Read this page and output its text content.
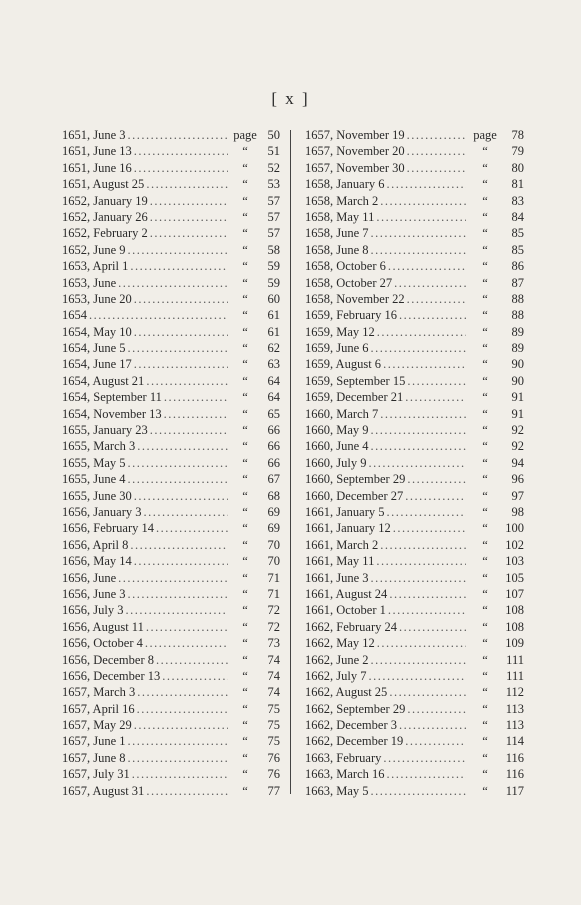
[ x ]
1651, June 3 .....	page 50
1651, June 13 .....	“	51
1651, June 16 .....	“	52
1651, August 25 .....	“	53
1652, January 19 .....	“	57
1652, January 26 .....	“	57
1652, February 2 .....	“	57
1652, June 9 .....	“	58
1653, April 1 .....	“	59
1653, June .....	“	59
1653, June 20 .....	“	60
1654 .....	“	61
1654, May 10 .....	“	61
1654, June 5 .....	“	62
1654, June 17 .....	“	63
1654, August 21 .....	“	64
1654, September 11 .....	“	64
1654, November 13 .....	“	65
1655, January 23 .....	“	66
1655, March 3 .....	“	66
1655, May 5 .....	“	66
1655, June 4 .....	“	67
1655, June 30 .....	“	68
1656, January 3 .....	“	69
1656, February 14 .....	“	69
1656, April 8 .....	“	70
1656, May 14 .....	“	70
1656, June .....	“	71
1656, June 3 .....	“	71
1656, July 3 .....	“	72
1656, August 11 .....	“	72
1656, October 4 .....	“	73
1656, December 8 .....	“	74
1656, December 13 .....	“	74
1657, March 3 .....	“	74
1657, April 16 .....	“	75
1657, May 29 .....	“	75
1657, June 1 .....	“	75
1657, June 8 .....	“	76
1657, July 31 .....	“	76
1657, August 31 .....	“	77
1657, November 19 .....	page	78
1657, November 20 .....	“	79
1657, November 30 .....	“	80
1658, January 6 .....	“	81
1658, March 2 .....	“	83
1658, May 11 .....	“	84
1658, June 7 .....	“	85
1658, June 8 .....	“	85
1658, October 6 .....	“	86
1658, October 27 .....	“	87
1658, November 22 .....	“	88
1659, February 16 .....	“	88
1659, May 12 .....	“	89
1659, June 6 .....	“	89
1659, August 6 .....	“	90
1659, September 15 .....	“	90
1659, December 21 .....	“	91
1660, March 7 .....	“	91
1660, May 9 .....	“	92
1660, June 4 .....	“	92
1660, July 9 .....	“	94
1660, September 29 .....	“	96
1660, December 27 .....	“	97
1661, January 5 .....	“	98
1661, January 12 .....	“	100
1661, March 2 .....	“	102
1661, May 11 .....	“	103
1661, June 3 .....	“	105
1661, August 24 .....	“	107
1661, October 1 .....	“	108
1662, February 24 .....	“	108
1662, May 12 .....	“	109
1662, June 2 .....	“	111
1662, July 7 .....	“	111
1662, August 25 .....	“	112
1662, September 29 .....	“	113
1662, December 3 .....	“	113
1662, December 19 .....	“	114
1663, February .....	“	116
1663, March 16 .....	“	116
1663, May 5 .....	“	117
